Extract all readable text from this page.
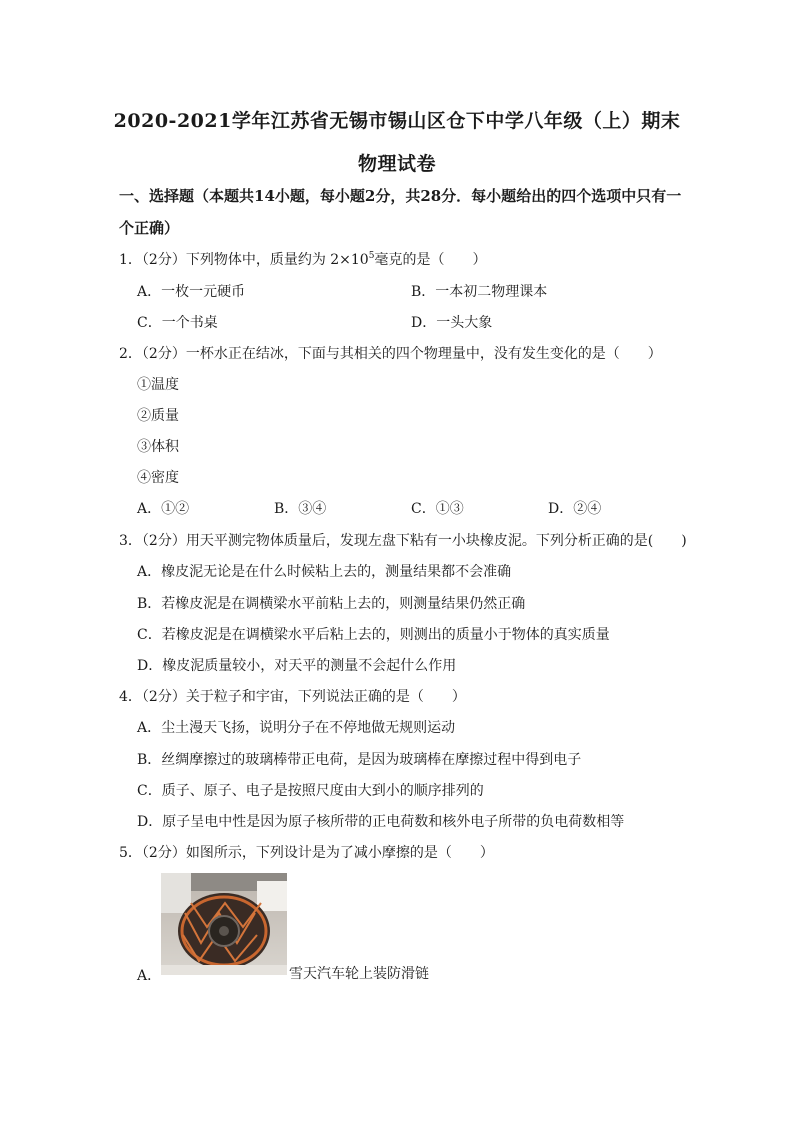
2020-2021学年江苏省无锡市锡山区仓下中学八年级（上）期末
物理试卷
一、选择题（本题共14小题，每小题2分，共28分．每小题给出的四个选项中只有一个正确）
1．（2分）下列物体中，质量约为 $2\times 10^5$毫克的是（　　）
A．一枚一元硬币	B．一本初二物理课本
C．一个书桌	D．一头大象
2．（2分）一杯水正在结冰，下面与其相关的四个物理量中，没有发生变化的是（　　）
①温度
②质量
③体积
④密度
A．①②	B．③④	C．①③	D．②④
3．（2分）用天平测完物体质量后，发现左盘下粘有一小块橡皮泥。下列分析正确的是(　　)
A．橡皮泥无论是在什么时候粘上去的，测量结果都不会准确
B．若橡皮泥是在调横梁水平前粘上去的，则测量结果仍然正确
C．若橡皮泥是在调横梁水平后粘上去的，则测出的质量小于物体的真实质量
D．橡皮泥质量较小，对天平的测量不会起什么作用
4．（2分）关于粒子和宇宙，下列说法正确的是（　　）
A．尘土漫天飞扬，说明分子在不停地做无规则运动
B．丝绸摩擦过的玻璃棒带正电荷，是因为玻璃棒在摩擦过程中得到电子
C．质子、原子、电子是按照尺度由大到小的顺序排列的
D．原子呈电中性是因为原子核所带的正电荷数和核外电子所带的负电荷数相等
5．（2分）如图所示，下列设计是为了减小摩擦的是（　　）
A．	雪天汽车轮上装防滑链
